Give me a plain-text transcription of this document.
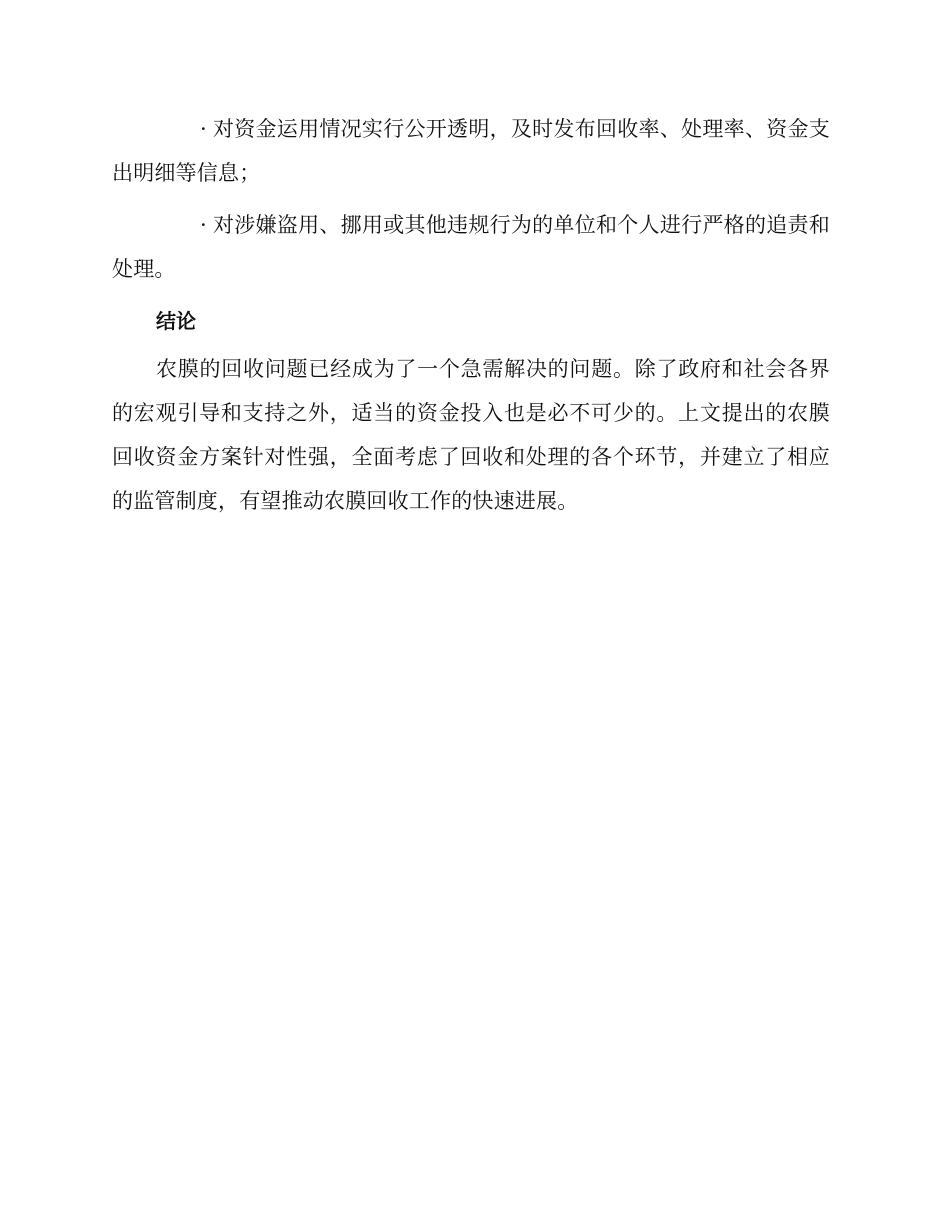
· 对资金运用情况实行公开透明，及时发布回收率、处理率、资金支出明细等信息；

· 对涉嫌盗用、挪用或其他违规行为的单位和个人进行严格的追责和处理。

结论

农膜的回收问题已经成为了一个急需解决的问题。除了政府和社会各界的宏观引导和支持之外，适当的资金投入也是必不可少的。上文提出的农膜回收资金方案针对性强，全面考虑了回收和处理的各个环节，并建立了相应的监管制度，有望推动农膜回收工作的快速进展。
